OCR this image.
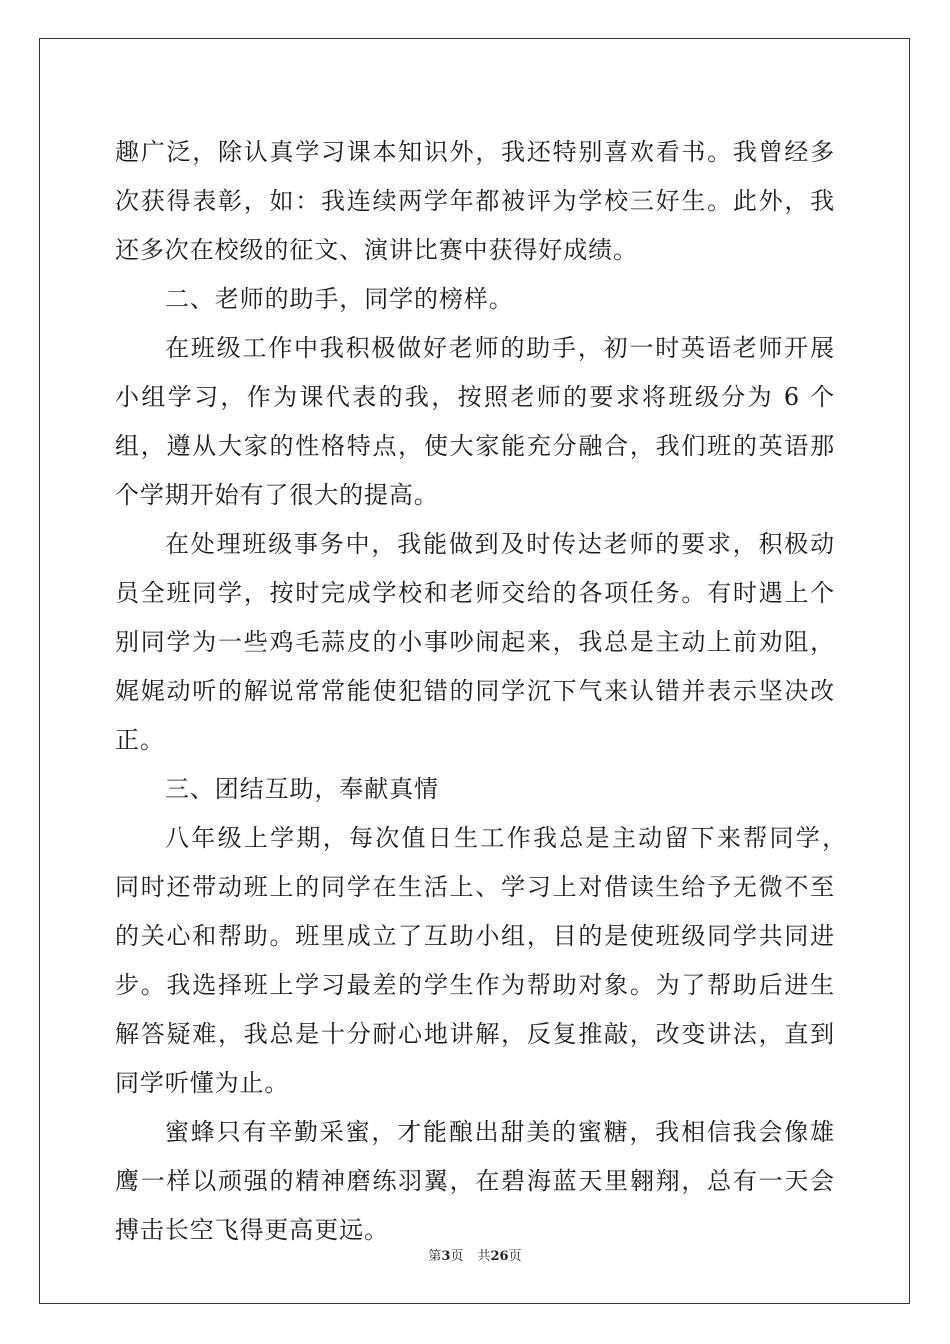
趣广泛，除认真学习课本知识外，我还特别喜欢看书。我曾经多次获得表彰，如：我连续两学年都被评为学校三好生。此外，我还多次在校级的征文、演讲比赛中获得好成绩。

二、老师的助手，同学的榜样。

在班级工作中我积极做好老师的助手，初一时英语老师开展小组学习，作为课代表的我，按照老师的要求将班级分为 6 个组，遵从大家的性格特点，使大家能充分融合，我们班的英语那个学期开始有了很大的提高。

在处理班级事务中，我能做到及时传达老师的要求，积极动员全班同学，按时完成学校和老师交给的各项任务。有时遇上个别同学为一些鸡毛蒜皮的小事吵闹起来，我总是主动上前劝阻，娓娓动听的解说常常能使犯错的同学沉下气来认错并表示坚决改正。

三、团结互助，奉献真情

八年级上学期，每次值日生工作我总是主动留下来帮同学，　同时还带动班上的同学在生活上、学习上对借读生给予无微不至的关心和帮助。班里成立了互助小组，目的是使班级同学共同进步。我选择班上学习最差的学生作为帮助对象。为了帮助后进生解答疑难，我总是十分耐心地讲解，反复推敲，改变讲法，直到同学听懂为止。

蜜蜂只有辛勤采蜜，才能酿出甜美的蜜糖，我相信我会像雄鹰一样以顽强的精神磨练羽翼，在碧海蓝天里翱翔，总有一天会搏击长空飞得更高更远。

第3页 共26页
